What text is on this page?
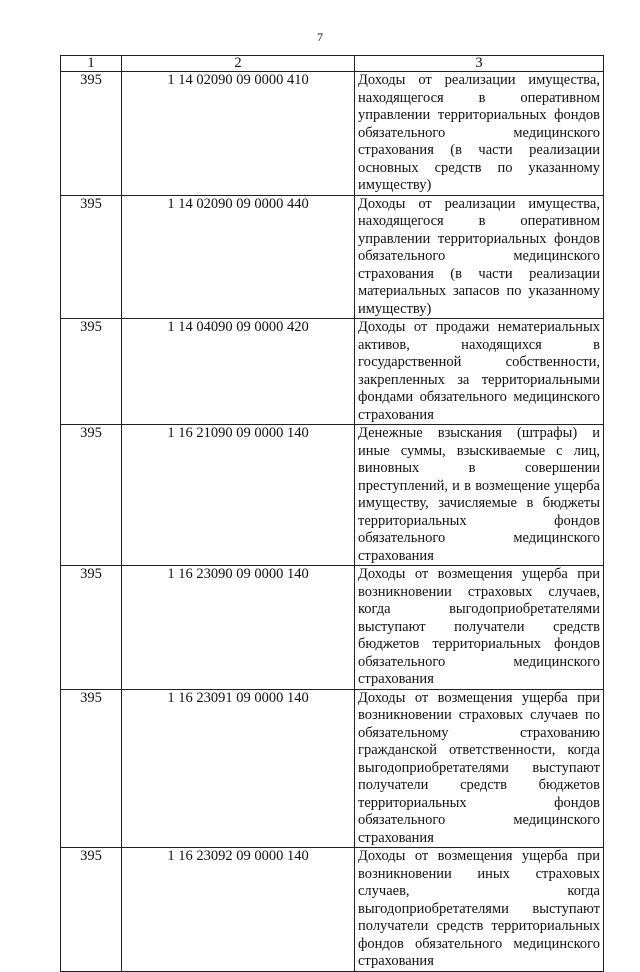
7
1	2	3
395	1 14 02090 09 0000 410	Доходы от реализации имущества, находящегося в оперативном управлении территориальных фондов обязательного медицинского страхования (в части реализации основных средств по указанному имуществу)
395	1 14 02090 09 0000 440	Доходы от реализации имущества, находящегося в оперативном управлении территориальных фондов обязательного медицинского страхования (в части реализации материальных запасов по указанному имуществу)
395	1 14 04090 09 0000 420	Доходы от продажи нематериальных активов, находящихся в государственной собственности, закрепленных за территориальными фондами обязательного медицинского страхования
395	1 16 21090 09 0000 140	Денежные взыскания (штрафы) и иные суммы, взыскиваемые с лиц, виновных в совершении преступлений, и в возмещение ущерба имуществу, зачисляемые в бюджеты территориальных фондов обязательного медицинского страхования
395	1 16 23090 09 0000 140	Доходы от возмещения ущерба при возникновении страховых случаев, когда выгодоприобретателями выступают получатели средств бюджетов территориальных фондов обязательного медицинского страхования
395	1 16 23091 09 0000 140	Доходы от возмещения ущерба при возникновении страховых случаев по обязательному страхованию гражданской ответственности, когда выгодоприобретателями выступают получатели средств бюджетов территориальных фондов обязательного медицинского страхования
395	1 16 23092 09 0000 140	Доходы от возмещения ущерба при возникновении иных страховых случаев, когда выгодоприобретателями выступают получатели средств территориальных фондов обязательного медицинского страхования
